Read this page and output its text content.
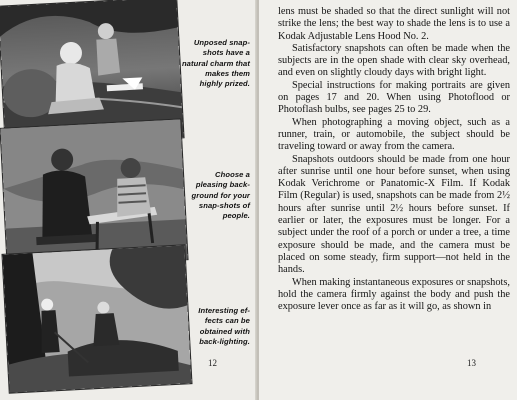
Unposed snap-shots have a natural charm that makes them highly prized.
Choose a pleasing back-ground for your snap-shots of people.
Interesting ef-fects can be obtained with back-lighting.
12

lens must be shaded so that the direct sunlight will not strike the lens; the best way to shade the lens is to use a Kodak Adjustable Lens Hood No. 2.

Satisfactory snapshots can often be made when the subjects are in the open shade with clear sky overhead, and even on slightly cloudy days with bright light.

Special instructions for making portraits are given on pages 17 and 20. When using Photoflood or Photoflash bulbs, see pages 25 to 29.

When photographing a moving object, such as a runner, train, or automobile, the subject should be traveling toward or away from the camera.

Snapshots outdoors should be made from one hour after sunrise until one hour before sunset, when using Kodak Verichrome or Panatomic-X Film. If Kodak Film (Regular) is used, snapshots can be made from 2½ hours after sunrise until 2½ hours before sunset. If earlier or later, the exposures must be longer. For a subject under the roof of a porch or under a tree, a time exposure should be made, and the camera must be placed on some steady, firm support—not held in the hands.

When making instantaneous exposures or snapshots, hold the camera firmly against the body and push the exposure lever once as far as it will go, as shown in

13
